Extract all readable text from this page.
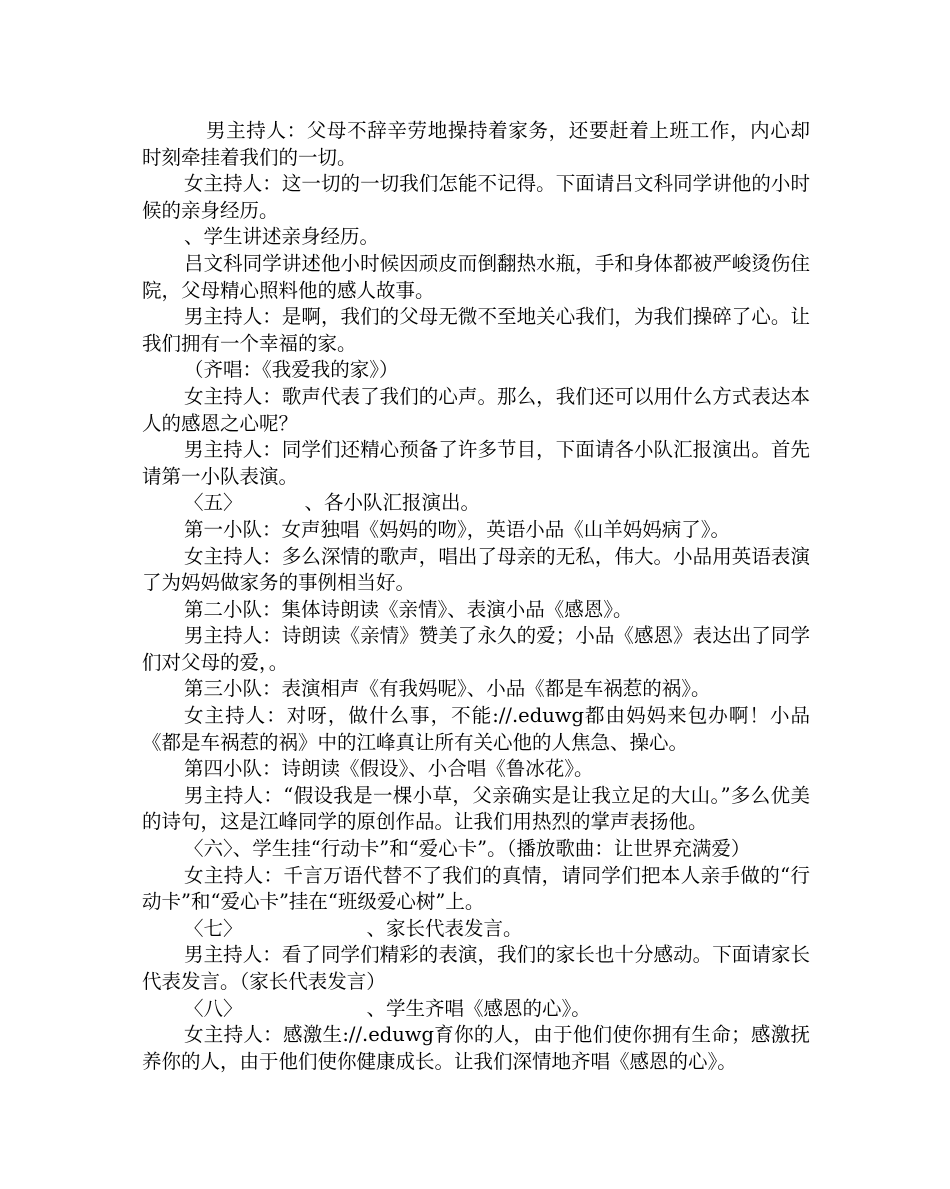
男主持人：父母不辞辛劳地操持着家务，还要赶着上班工作，内心却时刻牵挂着我们的一切。

女主持人：这一切的一切我们怎能不记得。下面请吕文科同学讲他的小时候的亲身经历。

、学生讲述亲身经历。

吕文科同学讲述他小时候因顽皮而倒翻热水瓶，手和身体都被严峻烫伤住院，父母精心照料他的感人故事。

男主持人：是啊，我们的父母无微不至地关心我们，为我们操碎了心。让我们拥有一个幸福的家。

（齐唱：《我爱我的家》）

女主持人：歌声代表了我们的心声。那么，我们还可以用什么方式表达本人的感恩之心呢？

男主持人：同学们还精心预备了许多节目，下面请各小队汇报演出。首先请第一小队表演。

〈五〉          、各小队汇报演出。

第一小队：女声独唱《妈妈的吻》，英语小品《山羊妈妈病了》。

女主持人：多么深情的歌声，唱出了母亲的无私，伟大。小品用英语表演了为妈妈做家务的事例相当好。

第二小队：集体诗朗读《亲情》、表演小品《感恩》。

男主持人：诗朗读《亲情》赞美了永久的爱；小品《感恩》表达出了同学们对父母的爱，。

第三小队：表演相声《有我妈呢》、小品《都是车祸惹的祸》。

女主持人：对呀，做什么事，不能://.eduwg都由妈妈来包办啊！小品《都是车祸惹的祸》中的江峰真让所有关心他的人焦急、操心。

第四小队：诗朗读《假设》、小合唱《鲁冰花》。

男主持人：“假设我是一棵小草，父亲确实是让我立足的大山。”多么优美的诗句，这是江峰同学的原创作品。让我们用热烈的掌声表扬他。

〈六〉、学生挂“行动卡”和“爱心卡”。（播放歌曲：让世界充满爱）

女主持人：千言万语代替不了我们的真情，请同学们把本人亲手做的“行动卡”和“爱心卡”挂在“班级爱心树”上。

〈七〉                    、家长代表发言。

男主持人：看了同学们精彩的表演，我们的家长也十分感动。下面请家长代表发言。（家长代表发言）

〈八〉                    、学生齐唱《感恩的心》。

女主持人：感激生://.eduwg育你的人，由于他们使你拥有生命；感激抚养你的人，由于他们使你健康成长。让我们深情地齐唱《感恩的心》。
